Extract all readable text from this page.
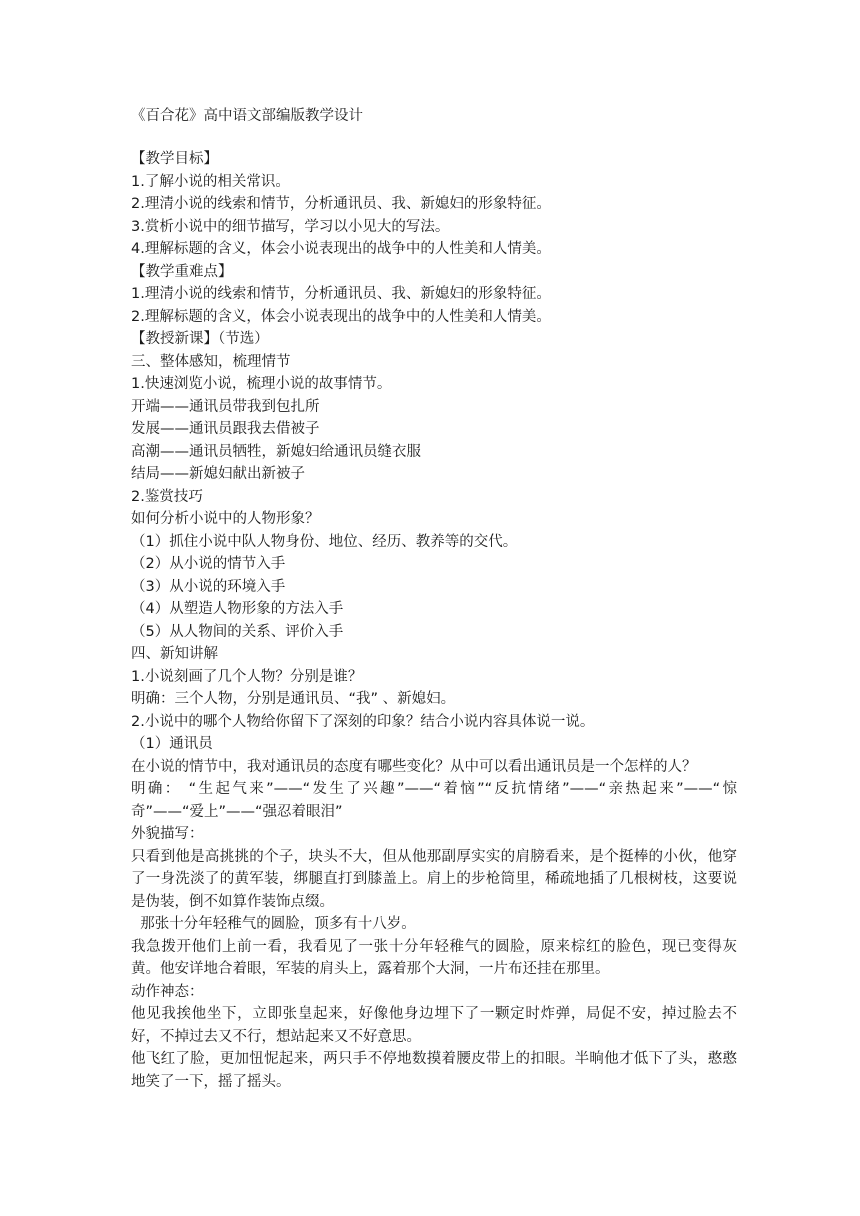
《百合花》高中语文部编版教学设计
【教学目标】
1.了解小说的相关常识。
2.理清小说的线索和情节，分析通讯员、我、新媳妇的形象特征。
3.赏析小说中的细节描写，学习以小见大的写法。
4.理解标题的含义，体会小说表现出的战争中的人性美和人情美。
【教学重难点】
1.理清小说的线索和情节，分析通讯员、我、新媳妇的形象特征。
2.理解标题的含义，体会小说表现出的战争中的人性美和人情美。
【教授新课】（节选）
三、整体感知，梳理情节
1.快速浏览小说，梳理小说的故事情节。
开端——通讯员带我到包扎所
发展——通讯员跟我去借被子
高潮——通讯员牺牲，新媳妇给通讯员缝衣服
结局——新媳妇献出新被子
2.鉴赏技巧
如何分析小说中的人物形象？
（1）抓住小说中队人物身份、地位、经历、教养等的交代。
（2）从小说的情节入手
（3）从小说的环境入手
（4）从塑造人物形象的方法入手
（5）从人物间的关系、评价入手
四、新知讲解
1.小说刻画了几个人物？分别是谁？
明确：三个人物，分别是通讯员、“我” 、新媳妇。
2.小说中的哪个人物给你留下了深刻的印象？结合小说内容具体说一说。
（1）通讯员
在小说的情节中，我对通讯员的态度有哪些变化？从中可以看出通讯员是一个怎样的人？
明确： “生起气来”——“发生了兴趣”——“着恼”“反抗情绪”——“亲热起来”——“惊奇”——“爱上”——“强忍着眼泪”
外貌描写：
只看到他是高挑挑的个子，块头不大，但从他那副厚实实的肩膀看来，是个挺棒的小伙，他穿了一身洗淡了的黄军装，绑腿直打到膝盖上。肩上的步枪筒里，稀疏地插了几根树枝，这要说是伪装，倒不如算作装饰点缀。
那张十分年轻稚气的圆脸，顶多有十八岁。
我急拨开他们上前一看，我看见了一张十分年轻稚气的圆脸，原来棕红的脸色，现已变得灰黄。他安详地合着眼，军装的肩头上，露着那个大洞，一片布还挂在那里。
动作神态：
他见我挨他坐下，立即张皇起来，好像他身边埋下了一颗定时炸弹，局促不安，掉过脸去不好，不掉过去又不行，想站起来又不好意思。
他飞红了脸，更加忸怩起来，两只手不停地数摸着腰皮带上的扣眼。半晌他才低下了头，憨憨地笑了一下，摇了摇头。
